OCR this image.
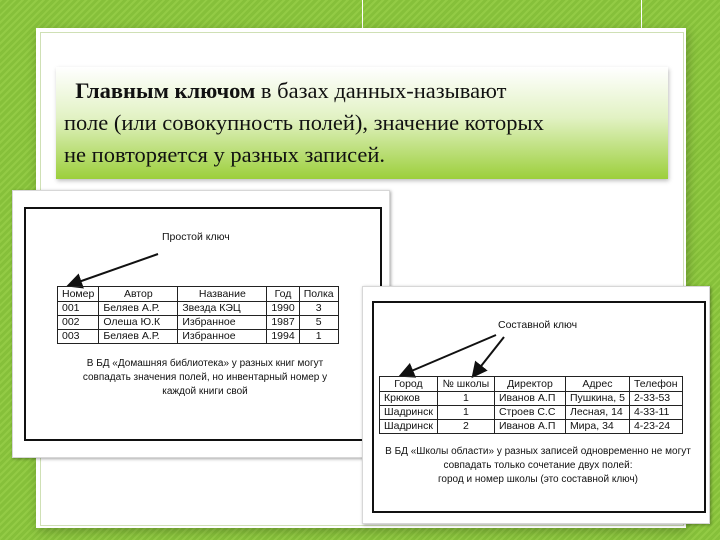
Главным ключом в базах данных-называют
поле (или совокупность полей), значение которых
не повторяется у разных записей.

Простой ключ
Номер	Автор	Название	Год	Полка
001	Беляев А.Р.	Звезда КЭЦ	1990	3
002	Олеша Ю.К	Избранное	1987	5
003	Беляев А.Р.	Избранное	1994	1

В БД «Домашняя библиотека» у разных книг могут
совпадать значения полей, но инвентарный номер у
каждой книги свой

Составной ключ
Город	№ школы	Директор	Адрес	Телефон
Крюков	1	Иванов А.П	Пушкина, 5	2-33-53
Шадринск	1	Строев С.С	Лесная, 14	4-33-11
Шадринск	2	Иванов А.П	Мира, 34	4-23-24

В БД «Школы области» у разных записей одновременно не могут
совпадать только сочетание двух полей:
город и номер школы (это составной ключ)
